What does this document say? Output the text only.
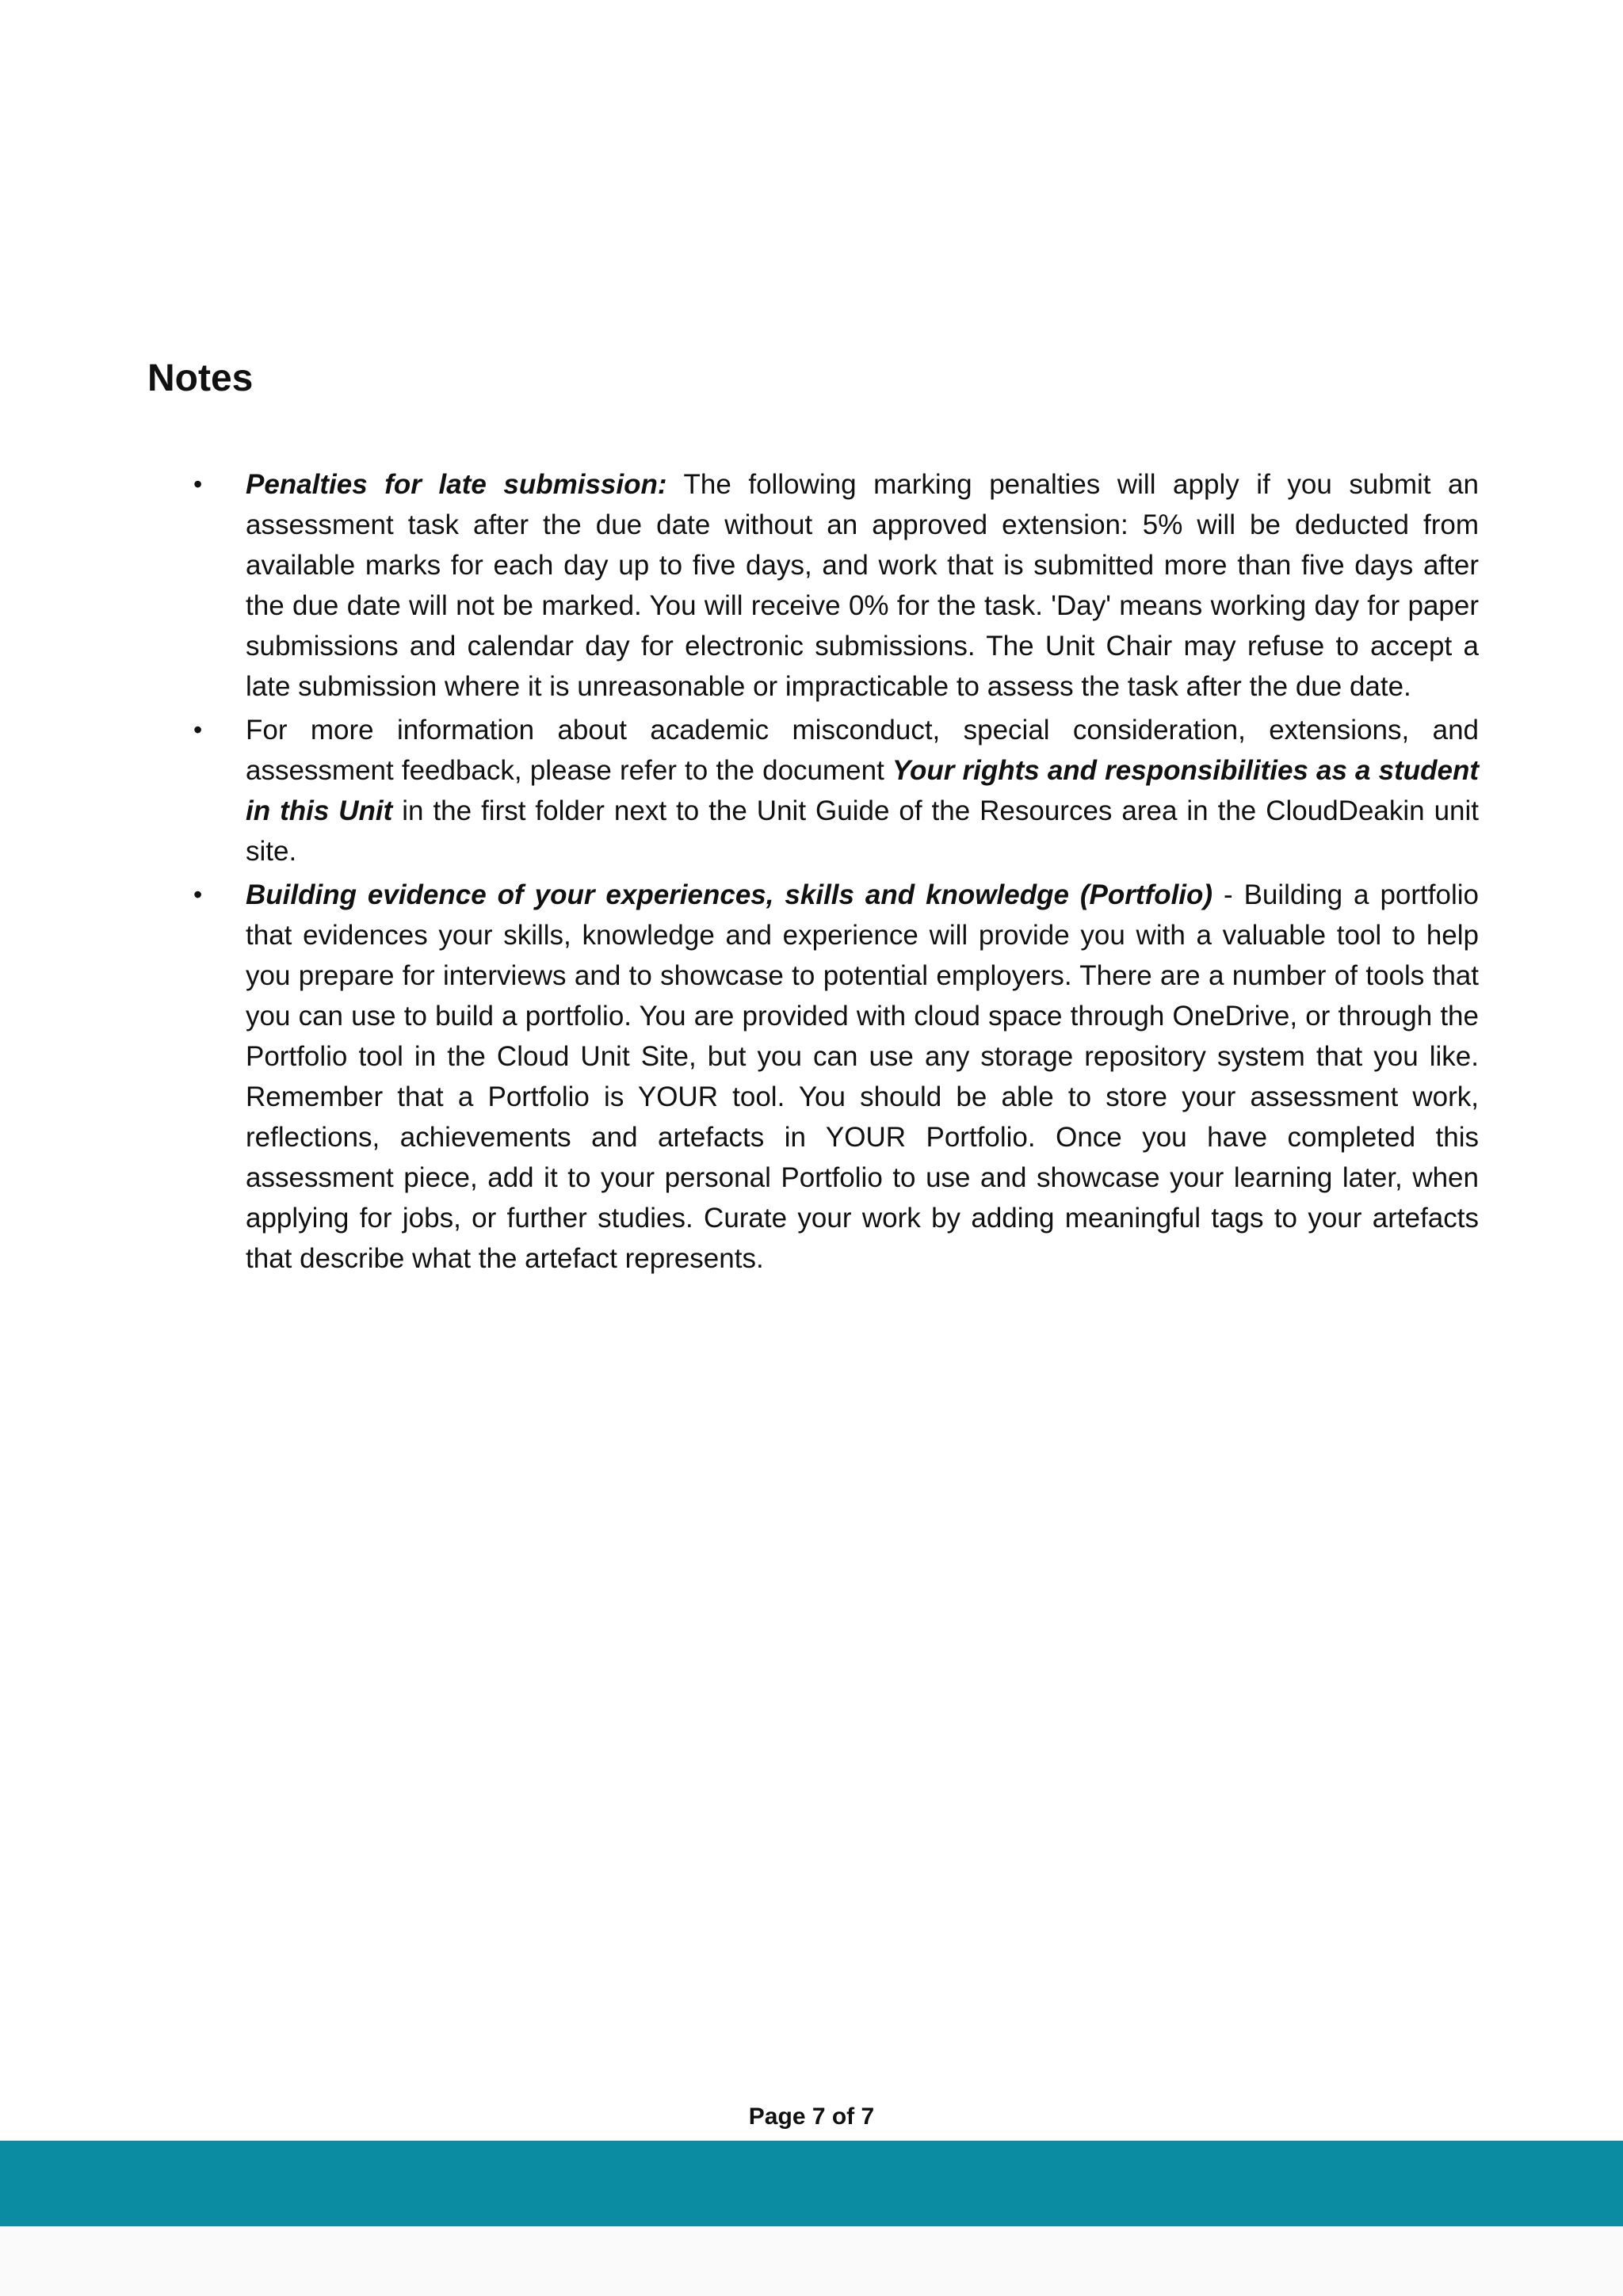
Notes
•	Penalties for late submission: The following marking penalties will apply if you submit an assessment task after the due date without an approved extension: 5% will be deducted from available marks for each day up to five days, and work that is submitted more than five days after the due date will not be marked. You will receive 0% for the task. 'Day' means working day for paper submissions and calendar day for electronic submissions. The Unit Chair may refuse to accept a late submission where it is unreasonable or impracticable to assess the task after the due date.
•	For more information about academic misconduct, special consideration, extensions, and assessment feedback, please refer to the document Your rights and responsibilities as a student in this Unit in the first folder next to the Unit Guide of the Resources area in the CloudDeakin unit site.
•	Building evidence of your experiences, skills and knowledge (Portfolio) - Building a portfolio that evidences your skills, knowledge and experience will provide you with a valuable tool to help you prepare for interviews and to showcase to potential employers. There are a number of tools that you can use to build a portfolio. You are provided with cloud space through OneDrive, or through the Portfolio tool in the Cloud Unit Site, but you can use any storage repository system that you like. Remember that a Portfolio is YOUR tool. You should be able to store your assessment work, reflections, achievements and artefacts in YOUR Portfolio. Once you have completed this assessment piece, add it to your personal Portfolio to use and showcase your learning later, when applying for jobs, or further studies. Curate your work by adding meaningful tags to your artefacts that describe what the artefact represents.
Page 7 of 7
